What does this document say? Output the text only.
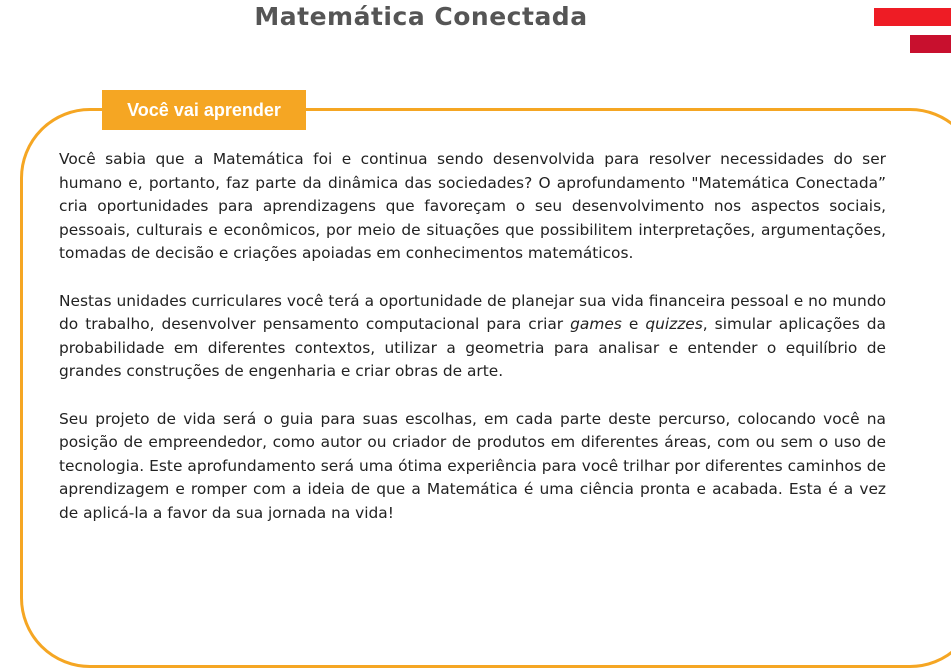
Matemática Conectada
Você vai aprender

Você sabia que a Matemática foi e continua sendo desenvolvida para resolver necessidades do ser humano e, portanto, faz parte da dinâmica das sociedades? O aprofundamento "Matemática Conectada” cria oportunidades para aprendizagens que favoreçam o seu desenvolvimento nos aspectos sociais, pessoais, culturais e econômicos, por meio de situações que possibilitem interpretações, argumentações, tomadas de decisão e criações apoiadas em conhecimentos matemáticos.

Nestas unidades curriculares você terá a oportunidade de planejar sua vida financeira pessoal e no mundo do trabalho, desenvolver pensamento computacional para criar games e quizzes, simular aplicações da probabilidade em diferentes contextos, utilizar a geometria para analisar e entender o equilíbrio de grandes construções de engenharia e criar obras de arte.

Seu projeto de vida será o guia para suas escolhas, em cada parte deste percurso, colocando você na posição de empreendedor, como autor ou criador de produtos em diferentes áreas, com ou sem o uso de tecnologia. Este aprofundamento será uma ótima experiência para você trilhar por diferentes caminhos de aprendizagem e romper com a ideia de que a Matemática é uma ciência pronta e acabada. Esta é a vez de aplicá-la a favor da sua jornada na vida!
